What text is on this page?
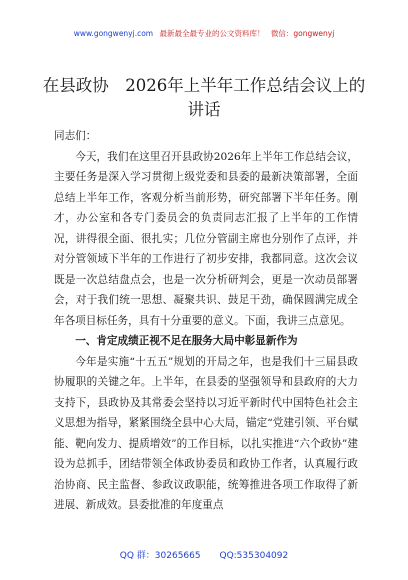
www.gongwenyj.com 最新最全最专业的公文资料库！ 微信：gongwenyj
在县政协　2026年上半年工作总结会议上的讲话

同志们：

今天，我们在这里召开县政协2026年上半年工作总结会议，主要任务是深入学习贯彻上级党委和县委的最新决策部署，全面总结上半年工作，客观分析当前形势，研究部署下半年任务。刚才，办公室和各专门委员会的负责同志汇报了上半年的工作情况，讲得很全面、很扎实；几位分管副主席也分别作了点评，并对分管领域下半年的工作进行了初步安排，我都同意。这次会议既是一次总结盘点会，也是一次分析研判会，更是一次动员部署会，对于我们统一思想、凝聚共识、鼓足干劲，确保圆满完成全年各项目标任务，具有十分重要的意义。下面，我讲三点意见。

一、肯定成绩正视不足在服务大局中彰显新作为

今年是实施“十五五”规划的开局之年，也是我们十三届县政协履职的关键之年。上半年，在县委的坚强领导和县政府的大力支持下，县政协及其常委会坚持以习近平新时代中国特色社会主义思想为指导，紧紧围绕全县中心大局，锚定“党建引领、平台赋能、靶向发力、提质增效”的工作目标，以扎实推进“六个政协”建设为总抓手，团结带领全体政协委员和政协工作者，认真履行政治协商、民主监督、参政议政职能，统筹推进各项工作取得了新进展、新成效。县委批准的年度重点

QQ 群：30265665 QQ:535304092
